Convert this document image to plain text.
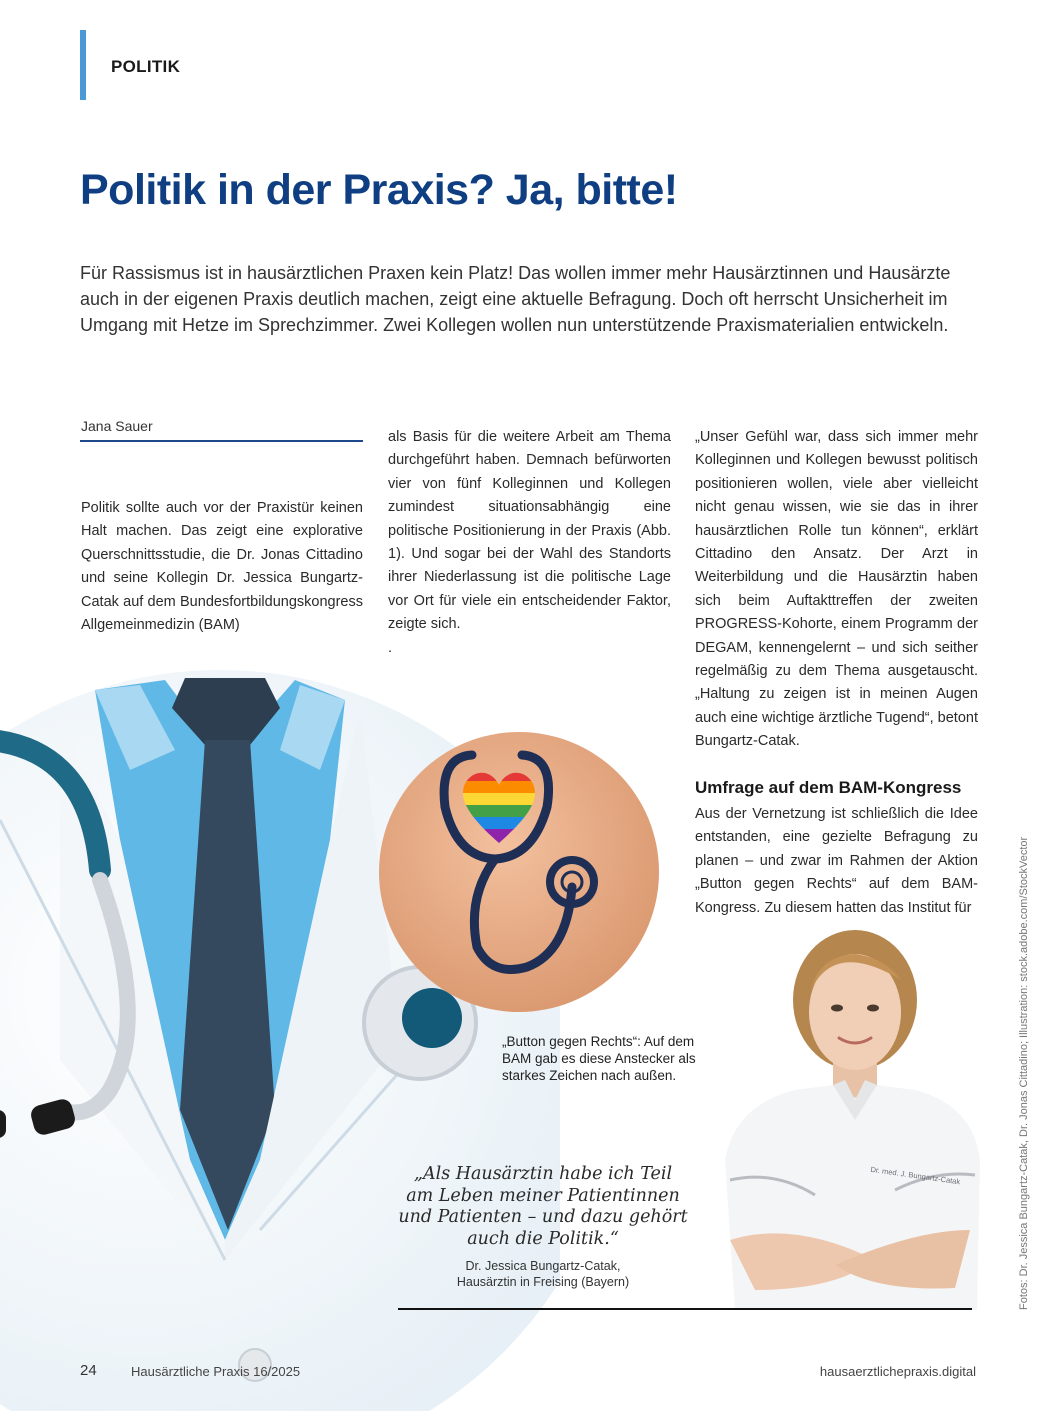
POLITIK
Politik in der Praxis? Ja, bitte!
Für Rassismus ist in hausärztlichen Praxen kein Platz! Das wollen immer mehr Hausärztinnen und Hausärzte auch in der eigenen Praxis deutlich machen, zeigt eine aktuelle Befragung. Doch oft herrscht Unsicherheit im Umgang mit Hetze im Sprechzimmer. Zwei Kollegen wollen nun unterstützende Praxismaterialien entwickeln.
Jana Sauer

Politik sollte auch vor der Praxistür keinen Halt machen. Das zeigt eine explorative Querschnittsstudie, die Dr. Jonas Cittadino und seine Kollegin Dr. Jessica Bungartz-Catak auf dem Bundesfortbildungskongress Allgemeinmedizin (BAM)

als Basis für die weitere Arbeit am Thema durchgeführt haben. Demnach befürworten vier von fünf Kolleginnen und Kollegen zumindest situationsabhängig eine politische Positionierung in der Praxis (Abb. 1). Und sogar bei der Wahl des Standorts ihrer Niederlassung ist die politische Lage vor Ort für viele ein entscheidender Faktor, zeigte sich.

.

„Unser Gefühl war, dass sich immer mehr Kolleginnen und Kollegen bewusst politisch positionieren wollen, viele aber vielleicht nicht genau wissen, wie sie das in ihrer hausärztlichen Rolle tun können“, erklärt Cittadino den Ansatz. Der Arzt in Weiterbildung und die Hausärztin haben sich beim Auftakttreffen der zweiten PROGRESS-Kohorte, einem Programm der DEGAM, kennengelernt – und sich seither regelmäßig zu dem Thema ausgetauscht. „Haltung zu zeigen ist in meinen Augen auch eine wichtige ärztliche Tugend“, betont Bungartz-Catak.

Umfrage auf dem BAM-Kongress

Aus der Vernetzung ist schließlich die Idee entstanden, eine gezielte Befragung zu planen – und zwar im Rahmen der Aktion „Button gegen Rechts“ auf dem BAM-Kongress. Zu diesem hatten das Institut für

„Button gegen Rechts“: Auf dem BAM gab es diese Anstecker als starkes Zeichen nach außen.
Dr. med. J. Bungartz-Catak
„Als Hausärztin habe ich Teil am Leben meiner Patientinnen und Patienten – und dazu gehört auch die Politik.“
Dr. Jessica Bungartz-Catak,
Hausärztin in Freising (Bayern)	Fotos: Dr. Jessica Bungartz-Catak, Dr. Jonas Cittadino; Illustration: stock.adobe.com/StockVector
24	Hausärztliche Praxis 16/2025	hausaerztlichepraxis.digital
